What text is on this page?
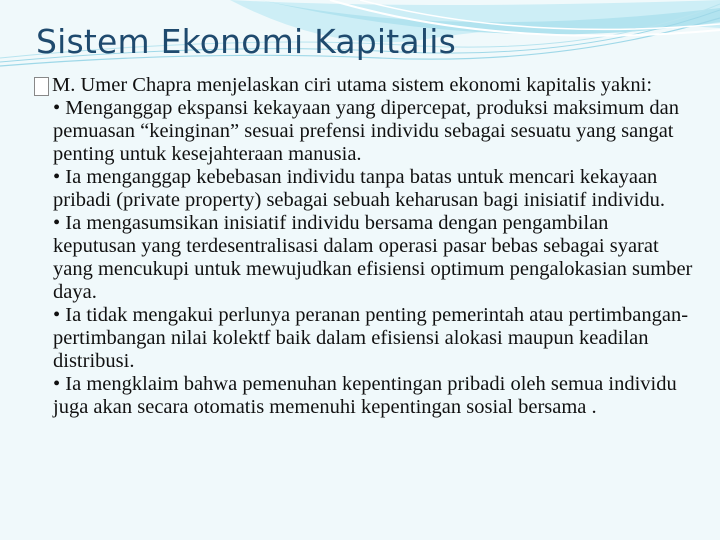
Sistem Ekonomi Kapitalis
M. Umer Chapra menjelaskan ciri utama sistem ekonomi kapitalis yakni:
• Menganggap ekspansi kekayaan yang dipercepat, produksi maksimum dan pemuasan “keinginan” sesuai prefensi individu sebagai sesuatu yang sangat penting untuk kesejahteraan manusia.
• Ia menganggap kebebasan individu tanpa batas untuk mencari kekayaan pribadi (private property) sebagai sebuah keharusan bagi inisiatif individu.
• Ia mengasumsikan inisiatif individu bersama dengan pengambilan keputusan yang terdesentralisasi dalam operasi pasar bebas sebagai syarat yang mencukupi untuk mewujudkan efisiensi optimum pengalokasian sumber daya.
• Ia tidak mengakui perlunya peranan penting pemerintah atau pertimbangan-pertimbangan nilai kolektf baik dalam efisiensi alokasi maupun keadilan distribusi.
• Ia mengklaim bahwa pemenuhan kepentingan pribadi oleh semua individu juga akan secara otomatis memenuhi kepentingan sosial bersama .
